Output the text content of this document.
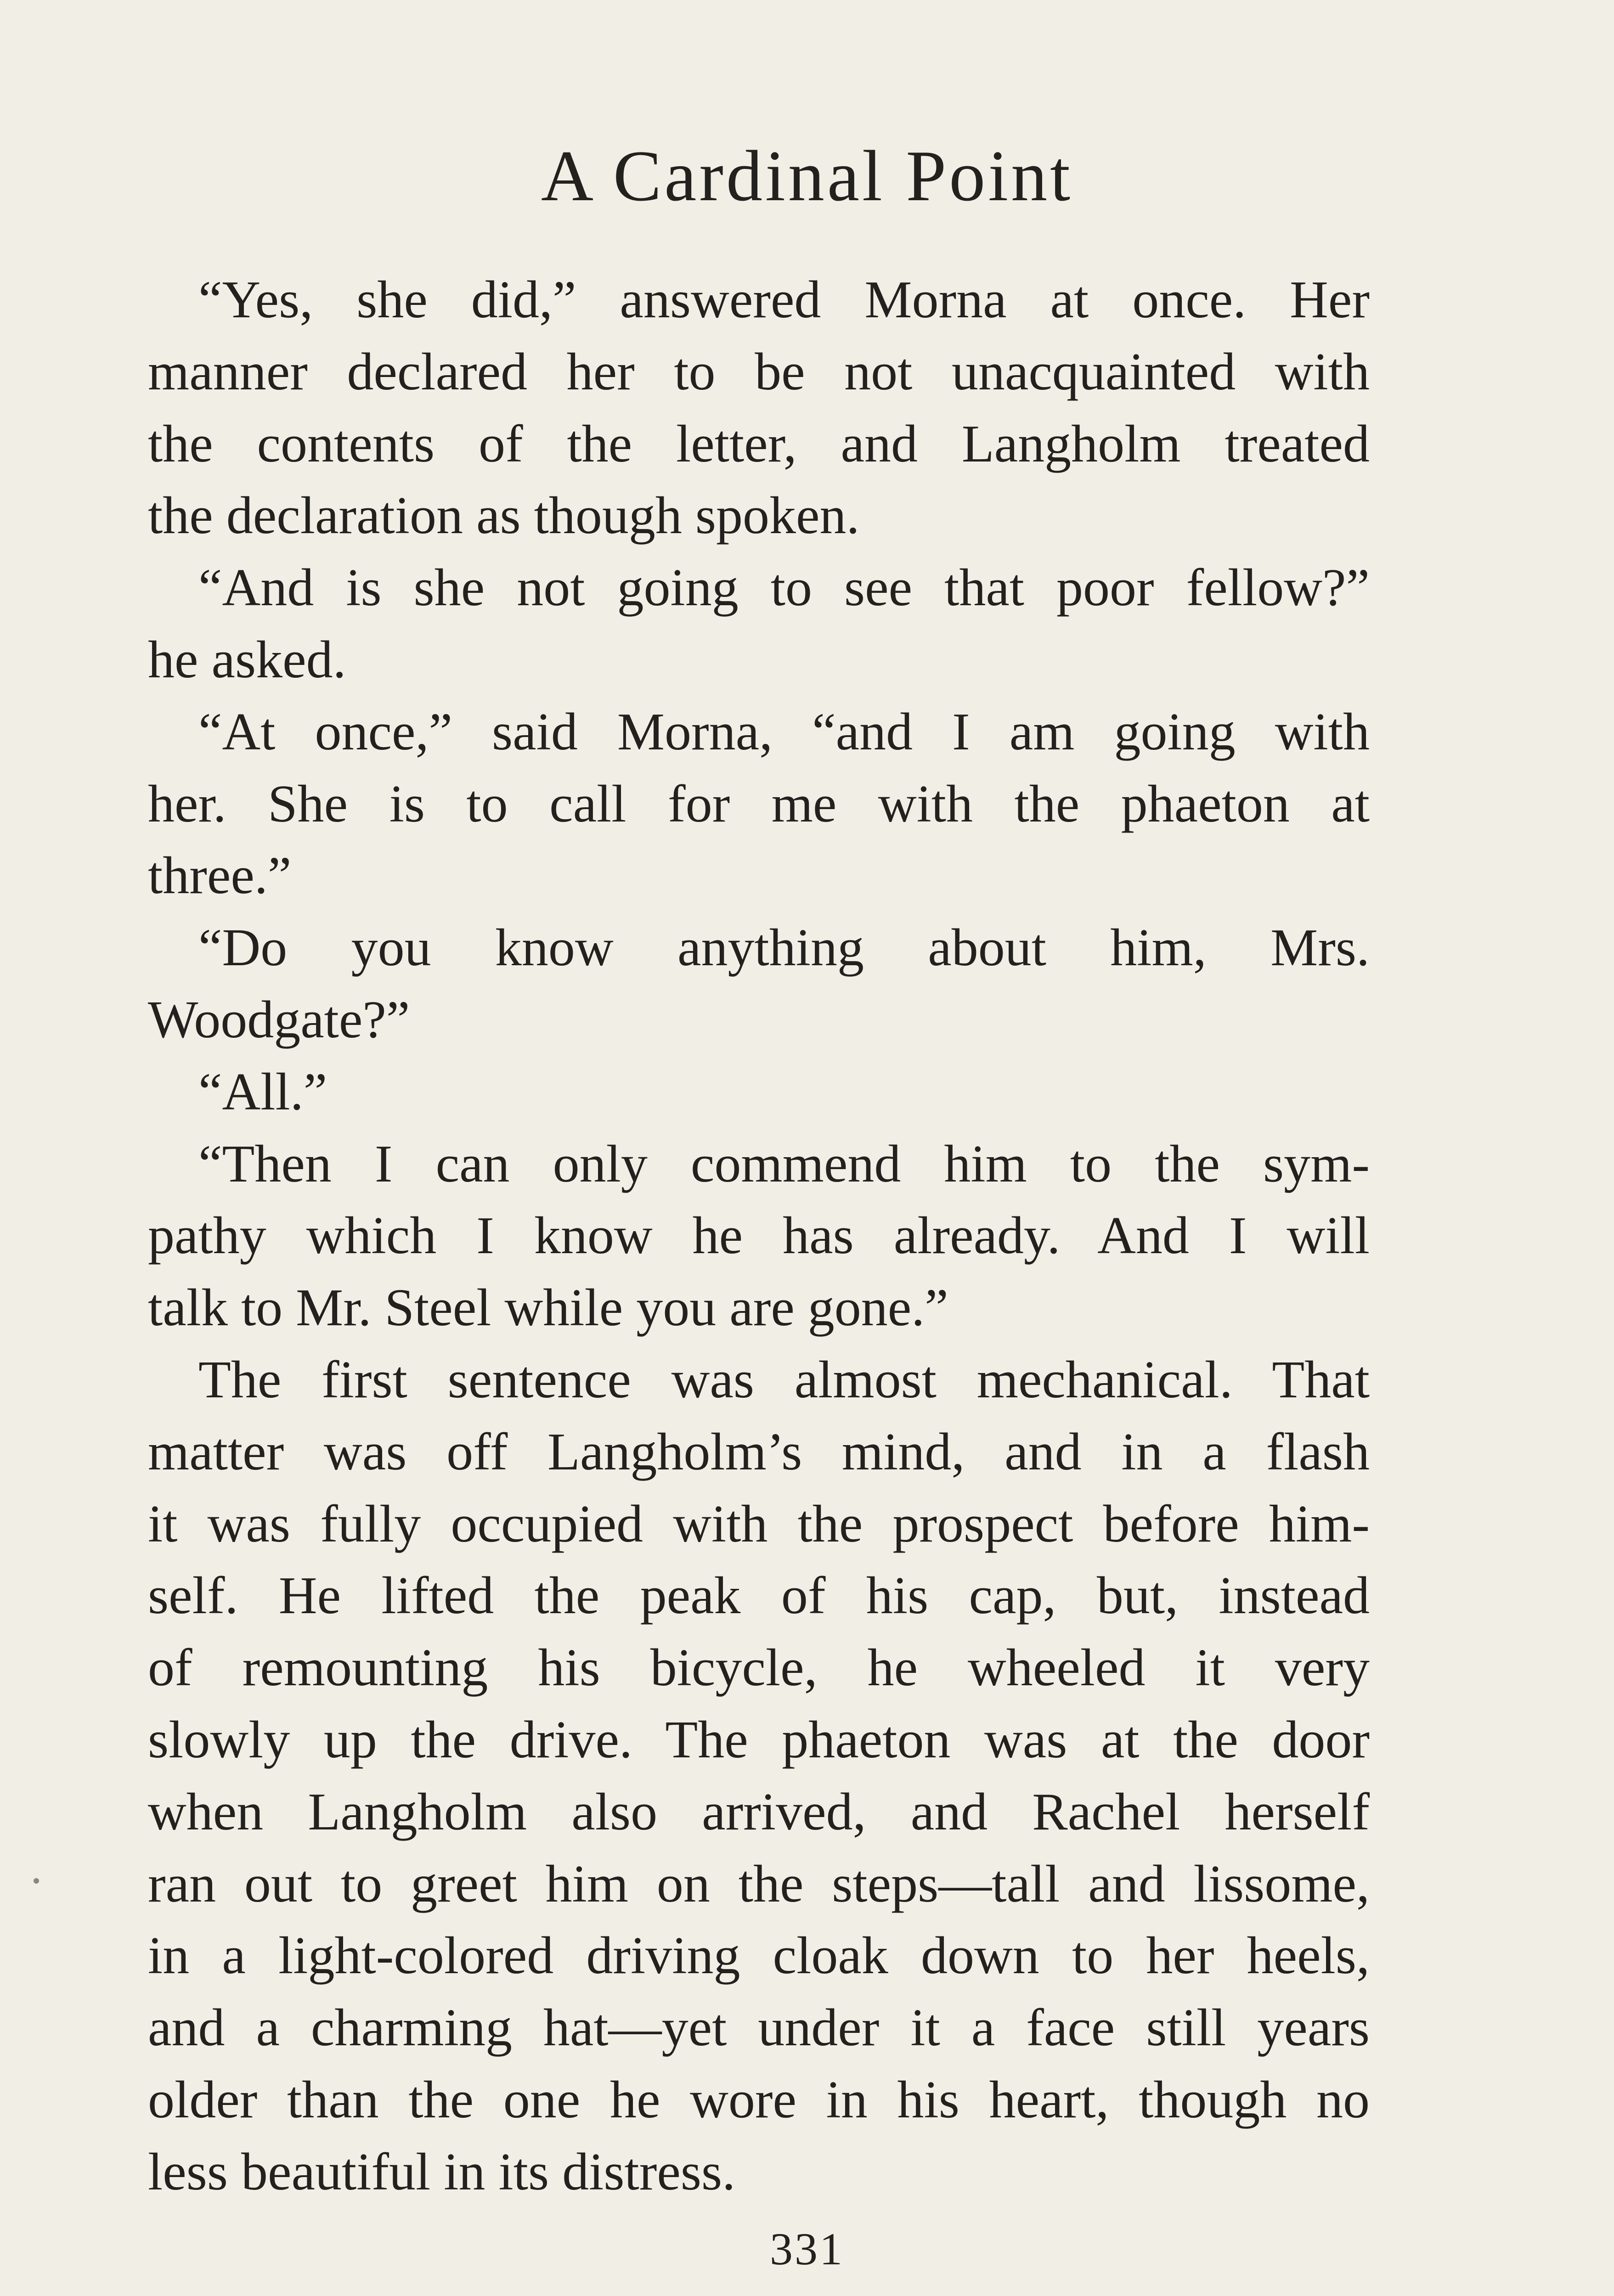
A Cardinal Point
“Yes, she did,” answered Morna at once. Her
manner declared her to be not unacquainted with
the contents of the letter, and Langholm treated
the declaration as though spoken.
“And is she not going to see that poor fellow?”
he asked.
“At once,” said Morna, “and I am going with
her. She is to call for me with the phaeton at
three.”
“Do you know anything about him, Mrs.
Woodgate?”
“All.”
“Then I can only commend him to the sym-
pathy which I know he has already. And I will
talk to Mr. Steel while you are gone.”
The first sentence was almost mechanical. That
matter was off Langholm’s mind, and in a flash
it was fully occupied with the prospect before him-
self. He lifted the peak of his cap, but, instead
of remounting his bicycle, he wheeled it very
slowly up the drive. The phaeton was at the door
when Langholm also arrived, and Rachel herself
ran out to greet him on the steps—tall and lissome,
in a light-colored driving cloak down to her heels,
and a charming hat—yet under it a face still years
older than the one he wore in his heart, though no
less beautiful in its distress.
331
